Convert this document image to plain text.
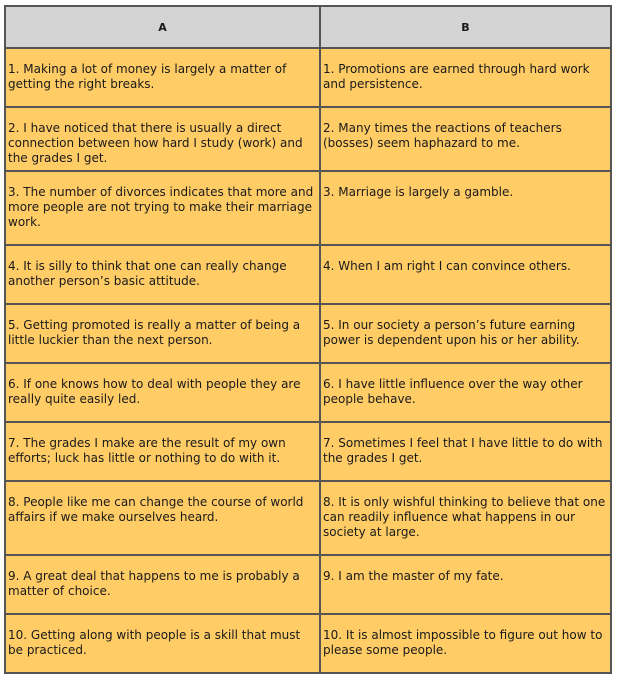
A	B
1. Making a lot of money is largely a matter of getting the right breaks.	1. Promotions are earned through hard work and persistence.
2. I have noticed that there is usually a direct connection between how hard I study (work) and the grades I get.	2. Many times the reactions of teachers (bosses) seem haphazard to me.
3. The number of divorces indicates that more and more people are not trying to make their marriage work.	3. Marriage is largely a gamble.
4. It is silly to think that one can really change another person’s basic attitude.	4. When I am right I can convince others.
5. Getting promoted is really a matter of being a little luckier than the next person.	5. In our society a person’s future earning power is dependent upon his or her ability.
6. If one knows how to deal with people they are really quite easily led.	6. I have little influence over the way other people behave.
7. The grades I make are the result of my own efforts; luck has little or nothing to do with it.	7. Sometimes I feel that I have little to do with the grades I get.
8. People like me can change the course of world affairs if we make ourselves heard.	8. It is only wishful thinking to believe that one can readily influence what happens in our society at large.
9. A great deal that happens to me is probably a matter of choice.	9. I am the master of my fate.
10. Getting along with people is a skill that must be practiced.	10. It is almost impossible to figure out how to please some people.
